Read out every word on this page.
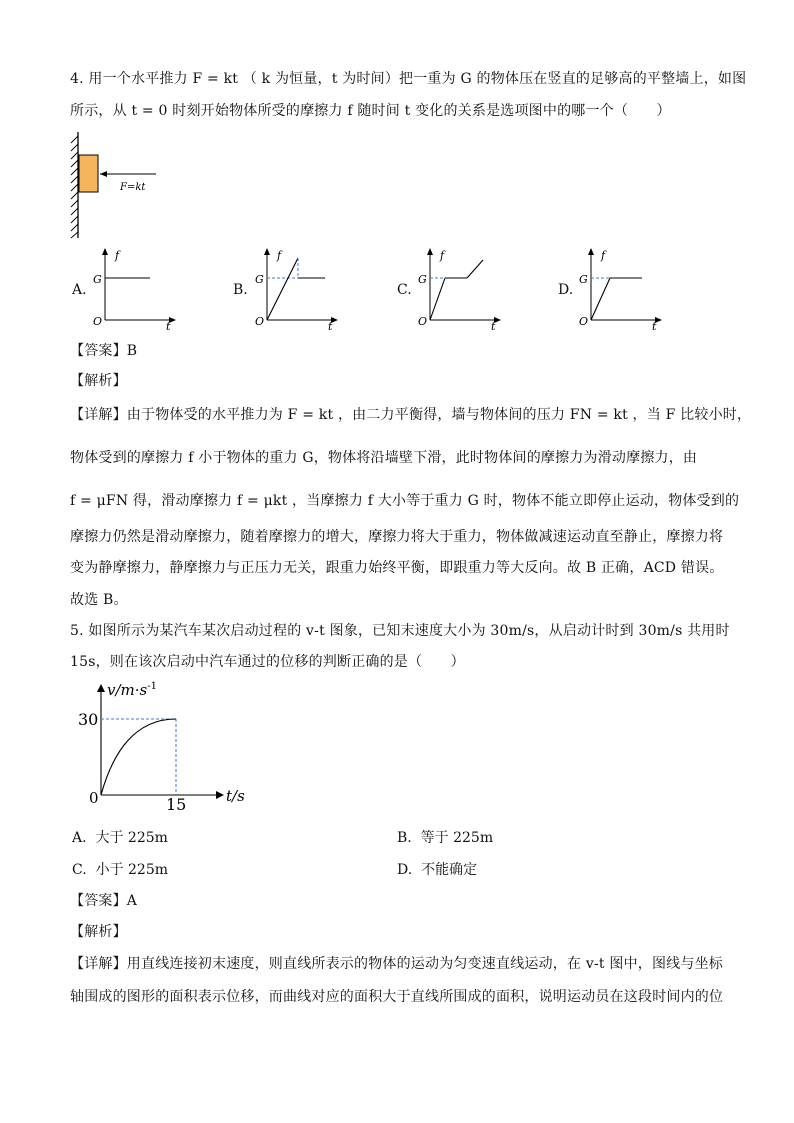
4. 用一个水平推力 F = kt （ k 为恒量，t 为时间）把一重为 G 的物体压在竖直的足够高的平整墙上，如图
所示，从 t = 0 时刻开始物体所受的摩擦力 f 随时间 t 变化的关系是选项图中的哪一个（　　）
F=kt
A.
f
G
O	t
B.
f
G
O	t
C.
f
G
O	t
D.
f
G
O	t
【答案】B
【解析】
【详解】由于物体受的水平推力为 F = kt ，由二力平衡得，墙与物体间的压力 FN = kt ，当 F 比较小时，
物体受到的摩擦力 f 小于物体的重力 G，物体将沿墙壁下滑，此时物体间的摩擦力为滑动摩擦力，由
f = μFN 得，滑动摩擦力 f = μkt ，当摩擦力 f 大小等于重力 G 时，物体不能立即停止运动，物体受到的
摩擦力仍然是滑动摩擦力，随着摩擦力的增大，摩擦力将大于重力，物体做减速运动直至静止，摩擦力将
变为静摩擦力，静摩擦力与正压力无关，跟重力始终平衡，即跟重力等大反向。故 B 正确，ACD 错误。
故选 B。
5. 如图所示为某汽车某次启动过程的 v-t 图象，已知末速度大小为 30m/s，从启动计时到 30m/s 共用时
15s，则在该次启动中汽车通过的位移的判断正确的是（　　）
$v/m\cdot s^{-1}$
30
0	15	t/s
A. 大于 225m	B. 等于 225m
C. 小于 225m	D. 不能确定
【答案】A
【解析】
【详解】用直线连接初末速度，则直线所表示的物体的运动为匀变速直线运动，在 v-t 图中，图线与坐标
轴围成的图形的面积表示位移，而曲线对应的面积大于直线所围成的面积，说明运动员在这段时间内的位
